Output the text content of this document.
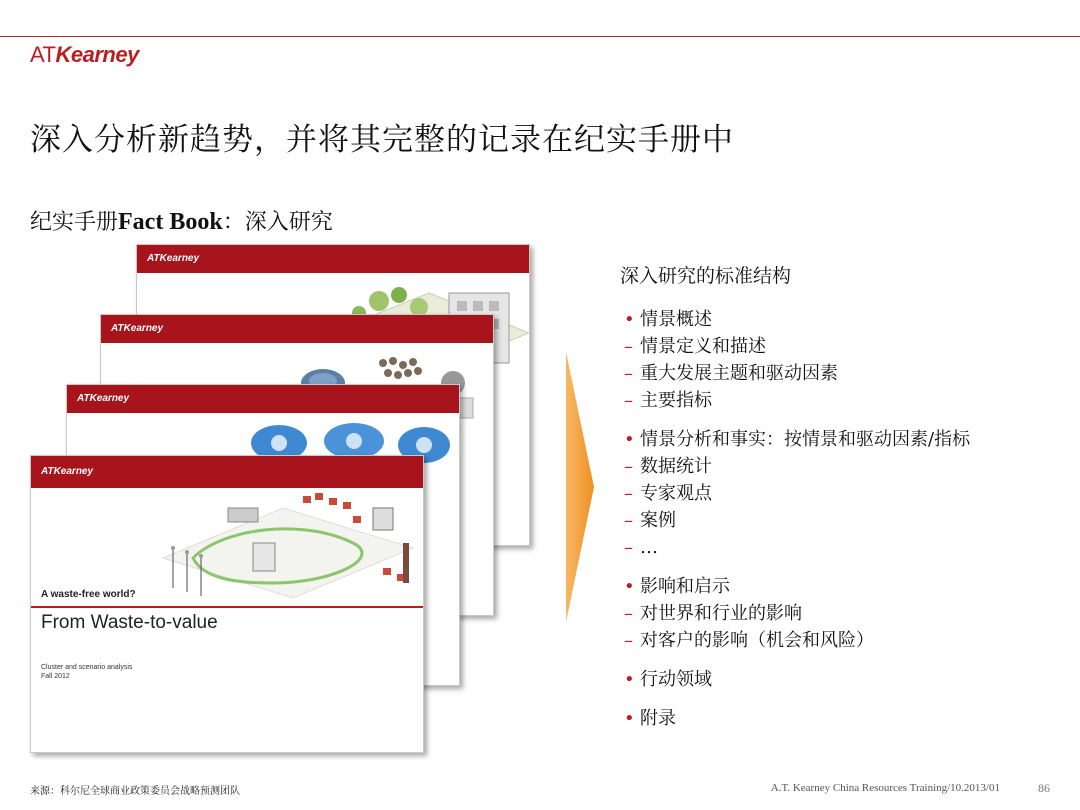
ATKearney
深入分析新趋势，并将其完整的记录在纪实手册中
纪实手册Fact Book：深入研究
ATKearney
ATKearney
ATKearney
ATKearney
A waste-free world?
From Waste-to-value
Cluster and scenario analysis
Fall 2012
深入研究的标准结构
• 情景概述
– 情景定义和描述
– 重大发展主题和驱动因素
– 主要指标
• 情景分析和事实：按情景和驱动因素/指标
– 数据统计
– 专家观点
– 案例
– …
• 影响和启示
– 对世界和行业的影响
– 对客户的影响（机会和风险）
• 行动领域
• 附录
来源：科尔尼全球商业政策委员会战略预测团队	A.T. Kearney China Resources Training/10.2013/01	86
